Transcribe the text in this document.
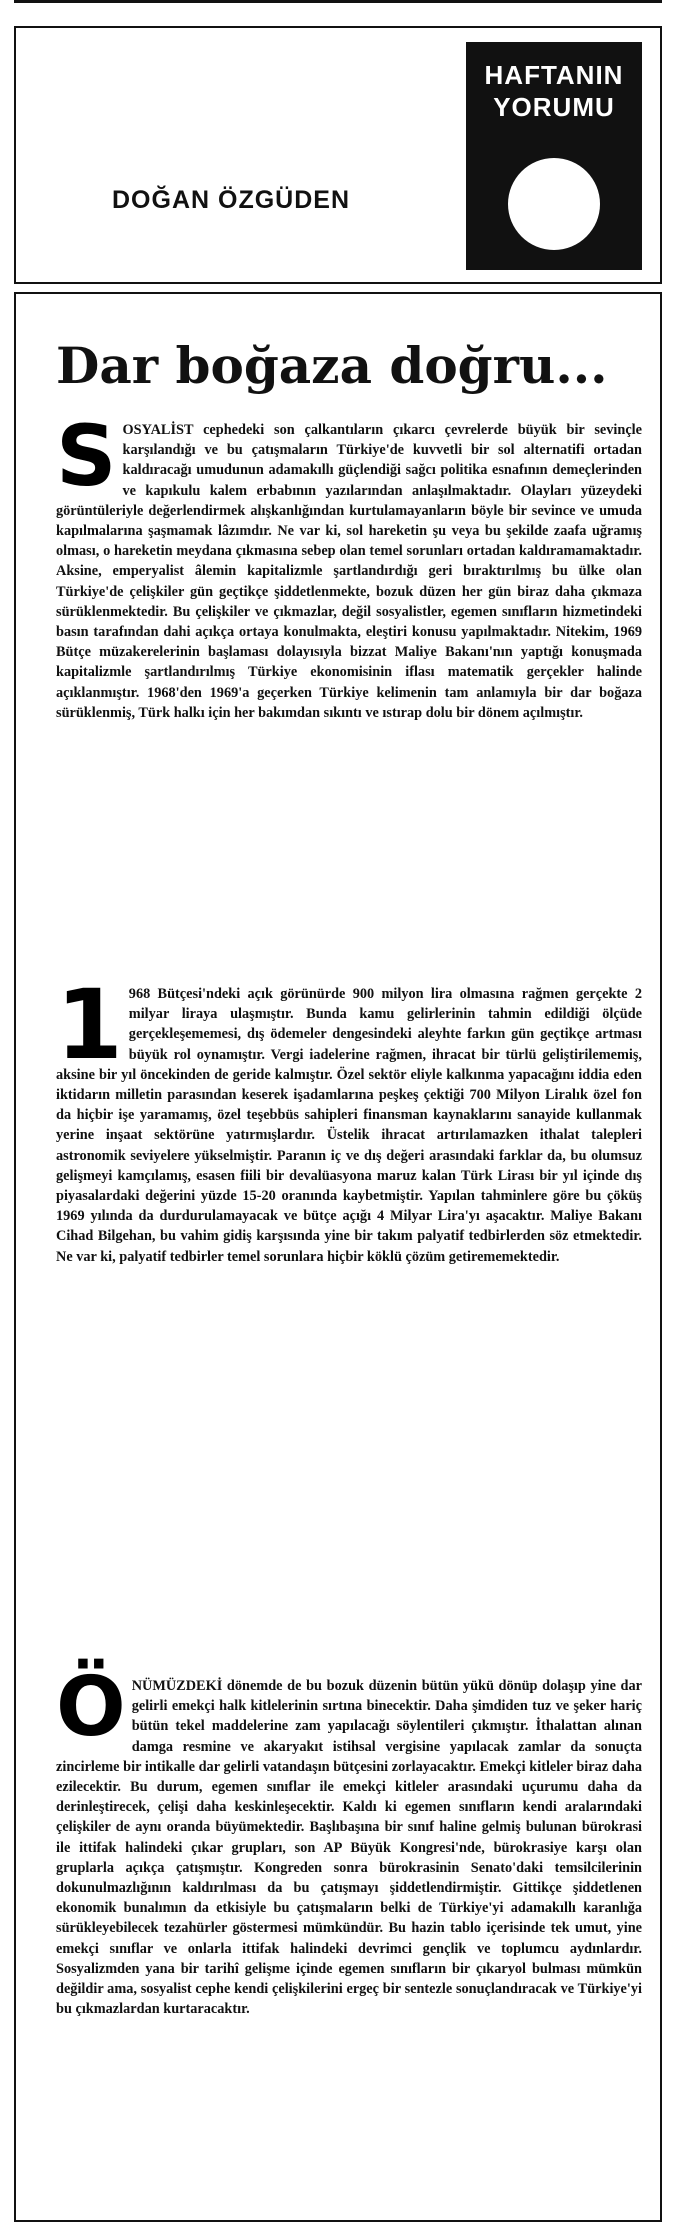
DOĞAN ÖZGÜDEN
HAFTANIN
YORUMU
Dar boğaza doğru...
S OSYALİST cephedeki son çalkantıların çıkarcı çevrelerde büyük bir sevinçle karşılandığı ve bu çatışmaların Türkiye'de kuvvetli bir sol alternatifi ortadan kaldıracağı umudunun adamakıllı güçlendiği sağcı politika esnafının demeçlerinden ve kapıkulu kalem erbabının yazılarından anlaşılmaktadır. Olayları yüzeydeki görüntüleriyle değerlendirmek alışkanlığından kurtulamayanların böyle bir sevince ve umuda kapılmalarına şaşmamak lâzımdır. Ne var ki, sol hareketin şu veya bu şekilde zaafa uğramış olması, o hareketin meydana çıkmasına sebep olan temel sorunları ortadan kaldıramamaktadır. Aksine, emperyalist âlemin kapitalizmle şartlandırdığı geri bıraktırılmış bu ülke olan Türkiye'de çelişkiler gün geçtikçe şiddetlenmekte, bozuk düzen her gün biraz daha çıkmaza sürüklenmektedir. Bu çelişkiler ve çıkmazlar, değil sosyalistler, egemen sınıfların hizmetindeki basın tarafından dahi açıkça ortaya konulmakta, eleştiri konusu yapılmaktadır. Nitekim, 1969 Bütçe müzakerelerinin başlaması dolayısıyla bizzat Maliye Bakanı'nın yaptığı konuşmada kapitalizmle şartlandırılmış Türkiye ekonomisinin iflası matematik gerçekler halinde açıklanmıştır. 1968'den 1969'a geçerken Türkiye kelimenin tam anlamıyla bir dar boğaza sürüklenmiş, Türk halkı için her bakımdan sıkıntı ve ıstırap dolu bir dönem açılmıştır.
1 968 Bütçesi'ndeki açık görünürde 900 milyon lira olmasına rağmen gerçekte 2 milyar liraya ulaşmıştır. Bunda kamu gelirlerinin tahmin edildiği ölçüde gerçekleşememesi, dış ödemeler dengesindeki aleyhte farkın gün geçtikçe artması büyük rol oynamıştır. Vergi iadelerine rağmen, ihracat bir türlü geliştirilememiş, aksine bir yıl öncekinden de geride kalmıştır. Özel sektör eliyle kalkınma yapacağını iddia eden iktidarın milletin parasından keserek işadamlarına peşkeş çektiği 700 Milyon Liralık özel fon da hiçbir işe yaramamış, özel teşebbüs sahipleri finansman kaynaklarını sanayide kullanmak yerine inşaat sektörüne yatırmışlardır. Üstelik ihracat artırılamazken ithalat talepleri astronomik seviyelere yükselmiştir. Paranın iç ve dış değeri arasındaki farklar da, bu olumsuz gelişmeyi kamçılamış, esasen fiili bir devalüasyona maruz kalan Türk Lirası bir yıl içinde dış piyasalardaki değerini yüzde 15-20 oranında kaybetmiştir. Yapılan tahminlere göre bu çöküş 1969 yılında da durdurulamayacak ve bütçe açığı 4 Milyar Lira'yı aşacaktır. Maliye Bakanı Cihad Bilgehan, bu vahim gidiş karşısında yine bir takım palyatif tedbirlerden söz etmektedir. Ne var ki, palyatif tedbirler temel sorunlara hiçbir köklü çözüm getirememektedir.
Ö NÜMÜZDEKİ dönemde de bu bozuk düzenin bütün yükü dönüp dolaşıp yine dar gelirli emekçi halk kitlelerinin sırtına binecektir. Daha şimdiden tuz ve şeker hariç bütün tekel maddelerine zam yapılacağı söylentileri çıkmıştır. İthalattan alınan damga resmine ve akaryakıt istihsal vergisine yapılacak zamlar da sonuçta zincirleme bir intikalle dar gelirli vatandaşın bütçesini zorlayacaktır. Emekçi kitleler biraz daha ezilecektir. Bu durum, egemen sınıflar ile emekçi kitleler arasındaki uçurumu daha da derinleştirecek, çelişi daha keskinleşecektir. Kaldı ki egemen sınıfların kendi aralarındaki çelişkiler de aynı oranda büyümektedir. Başlıbaşına bir sınıf haline gelmiş bulunan bürokrasi ile ittifak halindeki çıkar grupları, son AP Büyük Kongresi'nde, bürokrasiye karşı olan gruplarla açıkça çatışmıştır. Kongreden sonra bürokrasinin Senato'daki temsilcilerinin dokunulmazlığının kaldırılması da bu çatışmayı şiddetlendirmiştir. Gittikçe şiddetlenen ekonomik bunalımın da etkisiyle bu çatışmaların belki de Türkiye'yi adamakıllı karanlığa sürükleyebilecek tezahürler göstermesi mümkündür. Bu hazin tablo içerisinde tek umut, yine emekçi sınıflar ve onlarla ittifak halindeki devrimci gençlik ve toplumcu aydınlardır. Sosyalizmden yana bir tarihî gelişme içinde egemen sınıfların bir çıkaryol bulması mümkün değildir ama, sosyalist cephe kendi çelişkilerini ergeç bir sentezle sonuçlandıracak ve Türkiye'yi bu çıkmazlardan kurtaracaktır.
